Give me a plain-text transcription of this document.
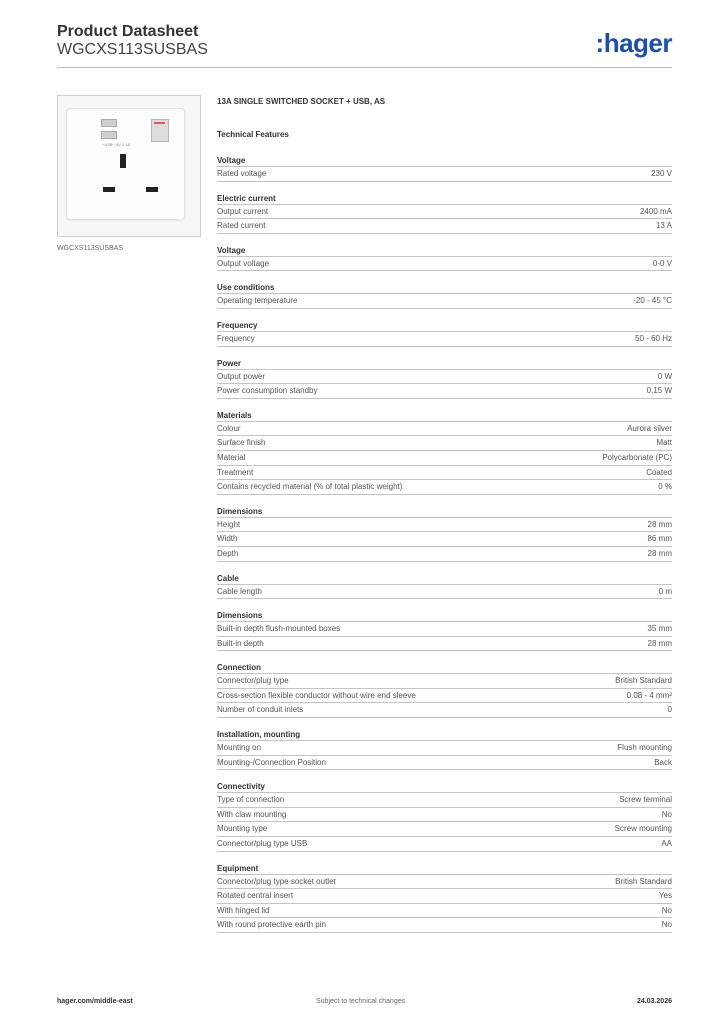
Product Datasheet
WGCXS113SUSBAS	:hager
~USB~ 5V 2.4A
WGCXS113SUSBAS
13A SINGLE SWITCHED SOCKET + USB, AS
Technical Features
Voltage
Rated voltage	230 V
Electric current
Output current	2400 mA
Rated current	13 A
Voltage
Output voltage	0-0 V
Use conditions
Operating temperature	-20 - 45 °C
Frequency
Frequency	50 - 60 Hz
Power
Output power	0 W
Power consumption standby	0.15 W
Materials
Colour	Aurora silver
Surface finish	Matt
Material	Polycarbonate (PC)
Treatment	Coated
Contains recycled material (% of total plastic weight)	0 %
Dimensions
Height	28 mm
Width	86 mm
Depth	28 mm
Cable
Cable length	0 m
Dimensions
Built-in depth flush-mounted boxes	35 mm
Built-in depth	28 mm
Connection
Connector/plug type	British Standard
Cross-section flexible conductor without wire end sleeve	0.08 - 4 mm²
Number of conduit inlets	0
Installation, mounting
Mounting on	Flush mounting
Mounting-/Connection Position	Back
Connectivity
Type of connection	Screw terminal
With claw mounting	No
Mounting type	Screw mounting
Connector/plug type USB	AA
Equipment
Connector/plug type socket outlet	British Standard
Rotated central insert	Yes
With hinged lid	No
With round protective earth pin	No
hager.com/middle-east	Subject to technical changes	24.03.2026
